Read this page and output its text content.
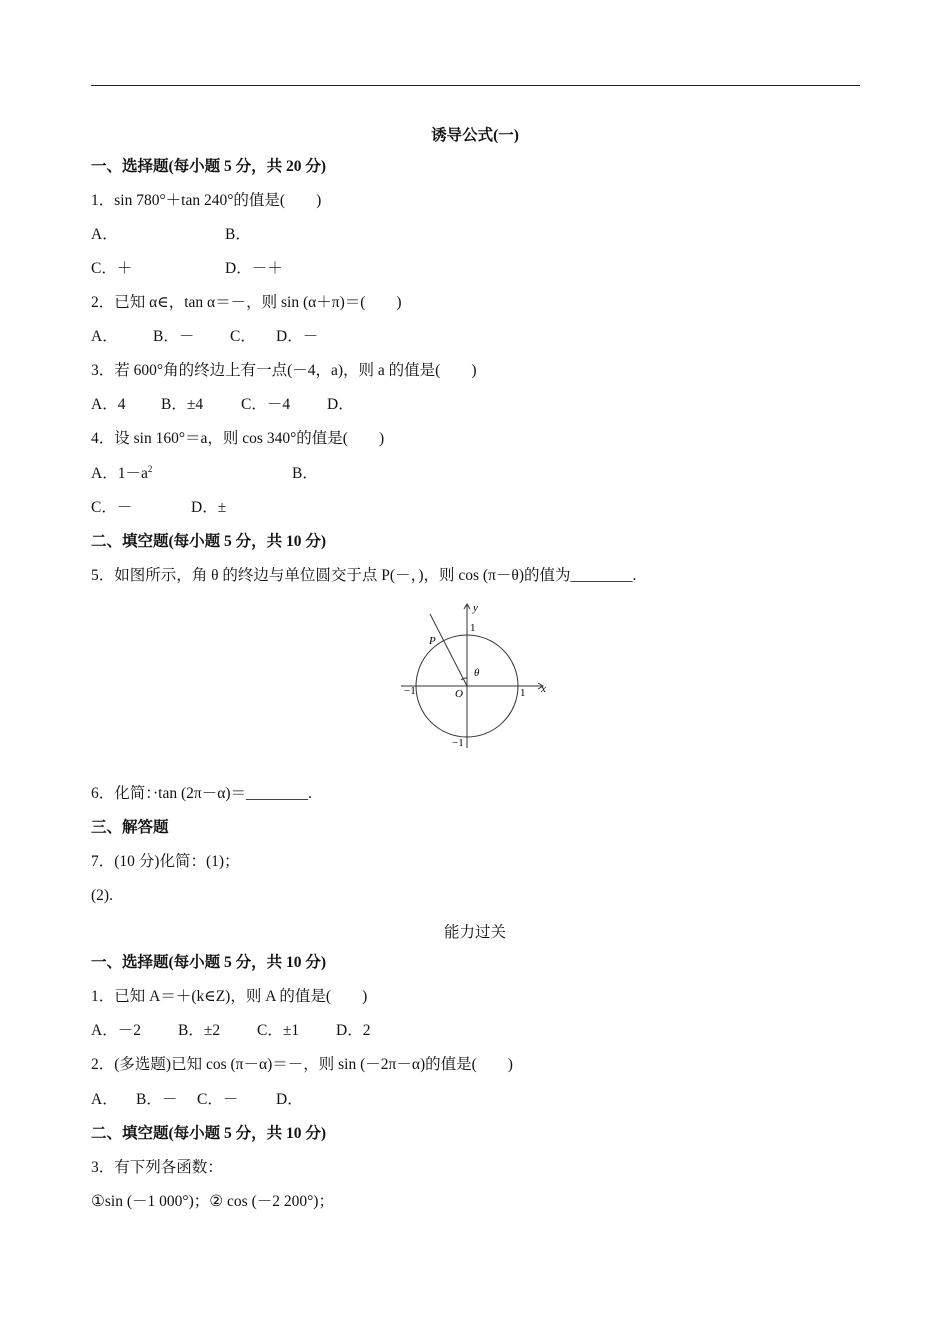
诱导公式(一)
一、选择题(每小题 5 分，共 20 分)
1．sin 780°＋tan 240°的值是(　　)
A．	B．
C．＋	D．－＋
2．已知 α∈，tan α＝－，则 sin (α＋π)＝(　　)
A． B．－ C． D．－
3．若 600°角的终边上有一点(－4，a)，则 a 的值是(　　)
A．4 B．±4 C．－4 D．
4．设 sin 160°＝a，则 cos 340°的值是(　　)
A．$1-a^2$	B．
C．－	D．±
二、填空题(每小题 5 分，共 10 分)
5．如图所示，角 θ 的终边与单位圆交于点 P(－，)，则 cos (π－θ)的值为________.
y
x
1
1
−1
−1
O
P
θ
6．化简：·tan (2π－α)＝________.
三、解答题
7．(10 分)化简：(1)；
(2).
能力过关
一、选择题(每小题 5 分，共 10 分)
1．已知 A＝＋(k∈Z)，则 A 的值是(　　)
A．－2 B．±2 C．±1 D．2
2．(多选题)已知 cos (π－α)＝－，则 sin (－2π－α)的值是(　　)
A． B．－ C．－ D．
二、填空题(每小题 5 分，共 10 分)
3．有下列各函数：
①sin (－1 000°)；② cos (－2 200°)；
